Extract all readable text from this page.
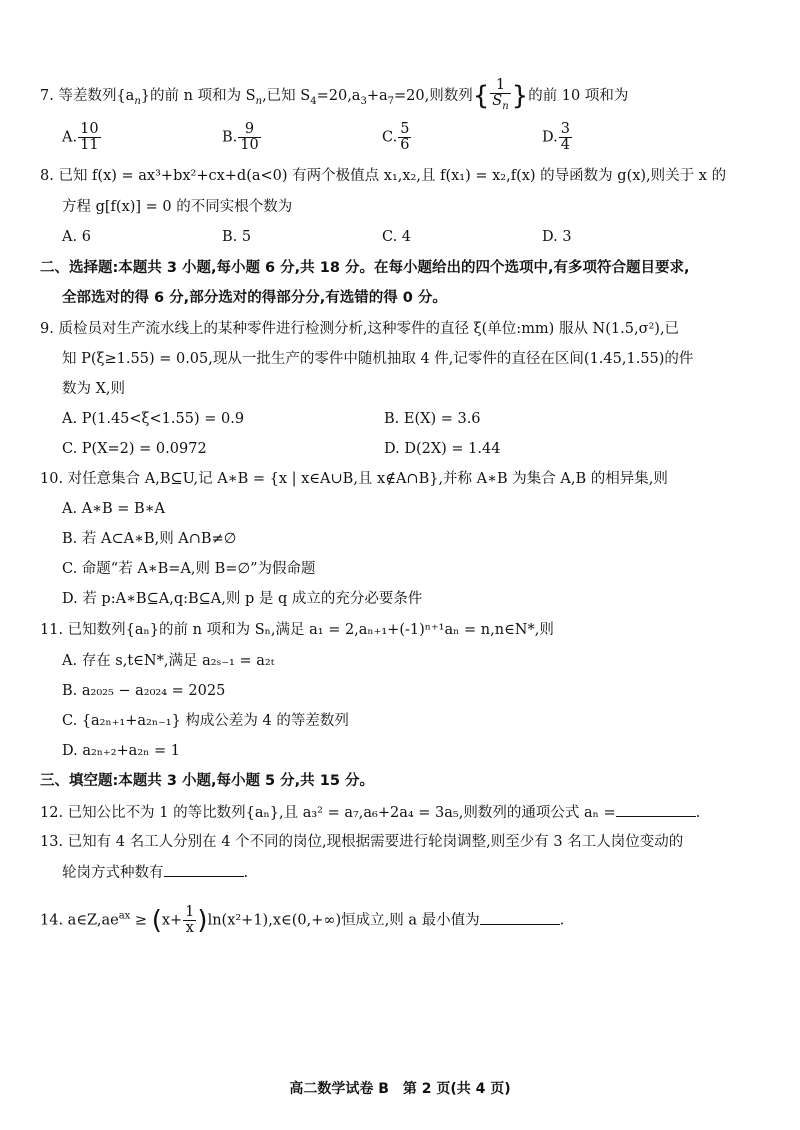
7. 等差数列$\{a_n\}$的前 n 项和为 $S_n$,已知 $S_4=20,a_3+a_7=20$,则数列{ $\frac{1}{S_n}$ }的前 10 项和为
A. $\frac{10}{11}$	B. $\frac{9}{10}$	C. $\frac{5}{6}$	D. $\frac{3}{4}$
8. 已知 f(x) = ax³+bx²+cx+d(a<0) 有两个极值点 x₁,x₂,且 f(x₁) = x₂,f(x) 的导函数为 g(x),则关于 x 的
方程 g[f(x)] = 0 的不同实根个数为
A. 6	B. 5	C. 4	D. 3
二、选择题:本题共 3 小题,每小题 6 分,共 18 分。在每小题给出的四个选项中,有多项符合题目要求,
全部选对的得 6 分,部分选对的得部分分,有选错的得 0 分。
9. 质检员对生产流水线上的某种零件进行检测分析,这种零件的直径 ξ(单位:mm) 服从 N(1.5,σ²),已
知 P(ξ≥1.55) = 0.05,现从一批生产的零件中随机抽取 4 件,记零件的直径在区间(1.45,1.55)的件
数为 X,则
A. P(1.45<ξ<1.55) = 0.9	B. E(X) = 3.6
C. P(X=2) = 0.0972	D. D(2X) = 1.44
10. 对任意集合 A,B⊆U,记 A∗B = {x | x∈A∪B,且 x∉A∩B},并称 A∗B 为集合 A,B 的相异集,则
A. A∗B = B∗A
B. 若 A⊂A∗B,则 A∩B≠∅
C. 命题“若 A∗B=A,则 B=∅”为假命题
D. 若 p:A∗B⊆A,q:B⊆A,则 p 是 q 成立的充分必要条件
11. 已知数列{aₙ}的前 n 项和为 Sₙ,满足 a₁ = 2,aₙ₊₁+(-1)ⁿ⁺¹aₙ = n,n∈N*,则
A. 存在 s,t∈N*,满足 a₂ₛ₋₁ = a₂ₜ
B. a₂₀₂₅ − a₂₀₂₄ = 2025
C. {a₂ₙ₊₁+a₂ₙ₋₁} 构成公差为 4 的等差数列
D. a₂ₙ₊₂+a₂ₙ = 1
三、填空题:本题共 3 小题,每小题 5 分,共 15 分。
12. 已知公比不为 1 的等比数列{aₙ},且 a₃² = a₇,a₆+2a₄ = 3a₅,则数列的通项公式 aₙ =	.
13. 已知有 4 名工人分别在 4 个不同的岗位,现根据需要进行轮岗调整,则至少有 3 名工人岗位变动的
轮岗方式种数有	.
14. $a\in Z,ae^{ax} \ge (x+ \frac{1}{x}$ )ln(x²+1),x∈(0,+∞)恒成立,则 a 最小值为	.
高二数学试卷 B　第 2 页(共 4 页)
